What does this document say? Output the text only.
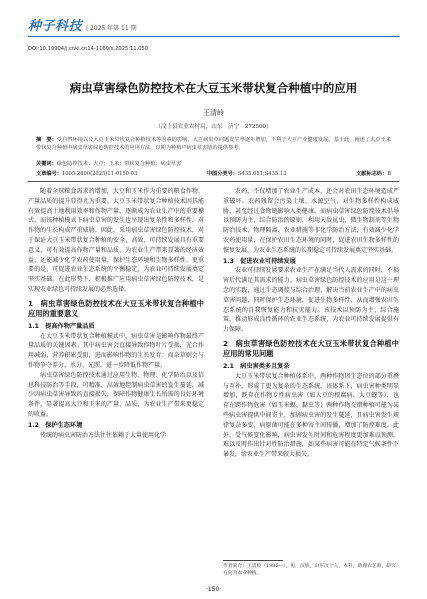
种子科技 | 2025 年第 11 期
DOI:10.19904/j.cnki.cn14-1160/s.2025.11.050
病虫草害绿色防控技术在大豆玉米带状复合种植中的应用
王清岭
（汶上县农业农村局，山东　济宁　272500）
摘　要：受自然环境以及大豆玉米带状复合种植技术等因素的影响，大豆病虫草问题发生率逐年增加，不利于大豆产业健康发展。基于此，阐述了大豆玉米带状复合种植中病虫草害绿色防控技术的应用方法，以期为种植户病虫草害防治提供参考。
关键词：绿色防控技术；大豆；玉米；带状复合种植；病虫草害
文章编号：1005-2690(2025)11-0150-03	中图分类号：S435.651;S435.13	文献标志码：B

随着全球粮食需求的增加，大豆和玉米作为重要的粮食作物，产量品质的提升显得尤为重要。大豆玉米带状复合种植技术因其能有效提高土地利用效率和作物产量，逐渐成为农业生产中的重要模式。而该种植模式下病虫草害的发生也呈现出复杂性和多样性，对作物的生长构成严重威胁。因此，采用病虫草害绿色防控技术，对于保证大豆玉米带状复合种植的安全、高效、可持续发展具有重要意义，可有效提高作物产量和品质，为农业生产带来显著的经济效益，还能减少化学农药使用量，保护生态环境和生物多样性。更重要的是，可促进农业生态系统的平衡稳定，为农业可持续发展奠定坚实基础。在此形势下，积极推广应用病虫草害绿色防控技术，是实现农业绿色可持续发展的必然选择。

1　病虫草害绿色防控技术在大豆玉米带状复合种植中应用的重要意义
1.1　提高作物产量品质

在大豆玉米带状复合种植模式中，病虫草害是影响作物最终产量品质的关键因素。其中病虫害会直接导致作物叶片受损，光合作用减弱，营养积累受阻，进而影响作物的生长发育；而杂草则会与作物争夺养分、水分、光照，进一步降低作物产量。

病虫草害绿色防控技术通过应用生物、物理、化学防治以及信息科技防治等手段，可精准、高效地控制病虫草害的发生蔓延，减少因病虫草害导致的直接损失，保障作物健康生长所需的良好环境条件，显著提高大豆和玉米的产量、品质，为农业生产带来更稳定的收益。

1.2　保护生态环境

传统的病虫害防治方法往往依赖于大量使用化学

农药，不仅增加了农业生产成本，还会对农田生态环境造成严重破坏。农药残留会污染土壤、水源空气，对生物多样性构成威胁，甚至经过食物链影响人类健康。而病虫草害绿色防控技术倡导以预防为主、综合防治的原则，利用天敌昆虫、微生物制剂等生物防治技术、物理隔离、农业措施等非化学防治方法，有效减少化学农药使用量，在保护农田生态环境的同时，促进农田生物多样性的恢复发展，为农业生态系统的长期稳定可持续发展奠定坚实基础。

1.3　促进农业可持续发展

农业可持续发展要求农业生产在满足当代人需求的同时，不损害后代满足其需求的能力。病虫草害绿色防控技术的应用是这一理念的实践，通过生态调控与综合治理，解决当前农业生产中的病虫草害问题，同时保护生态环境，促进生物多样性，从而增强农田生态系统的自我恢复能力和抗灾能力。该技术以预防为主、综合施策，推动形成良性循环的农业生态系统，为农业可持续发展提供有力保障。

2　病虫草害绿色防控技术在大豆玉米带状复合种植中应用的常见问题
2.1　病虫害类多且复杂

大豆玉米带状复合种植体系中，两种作物因生态位的部分重叠与互补，形成了更为复杂的生态系统，该体系下，病虫害种类明显增加，既存在作物专性病虫害（如大豆的根腐病、大豆蚜等），也存在跨作物危害（如玉米螟、黏虫等）两种作物交错种植可能为某些病虫害提供中间寄主，加剧病虫害的发生蔓延，且病虫害发生规律复杂多变，病原菌可能在多种寄主间传播，增加了防控难度。此外，受气候变化影响，病虫害发生时间和危害程度更加难以预测，难以及时作出针对性防治措施，如某些病害可能在特定气候条件下暴发，给农业生产带来较大损失。

作者简介：王清岭（1986—），男，汉族，山东汶上人，本科，助理农艺师，研究方向为农业种植。
·150·
